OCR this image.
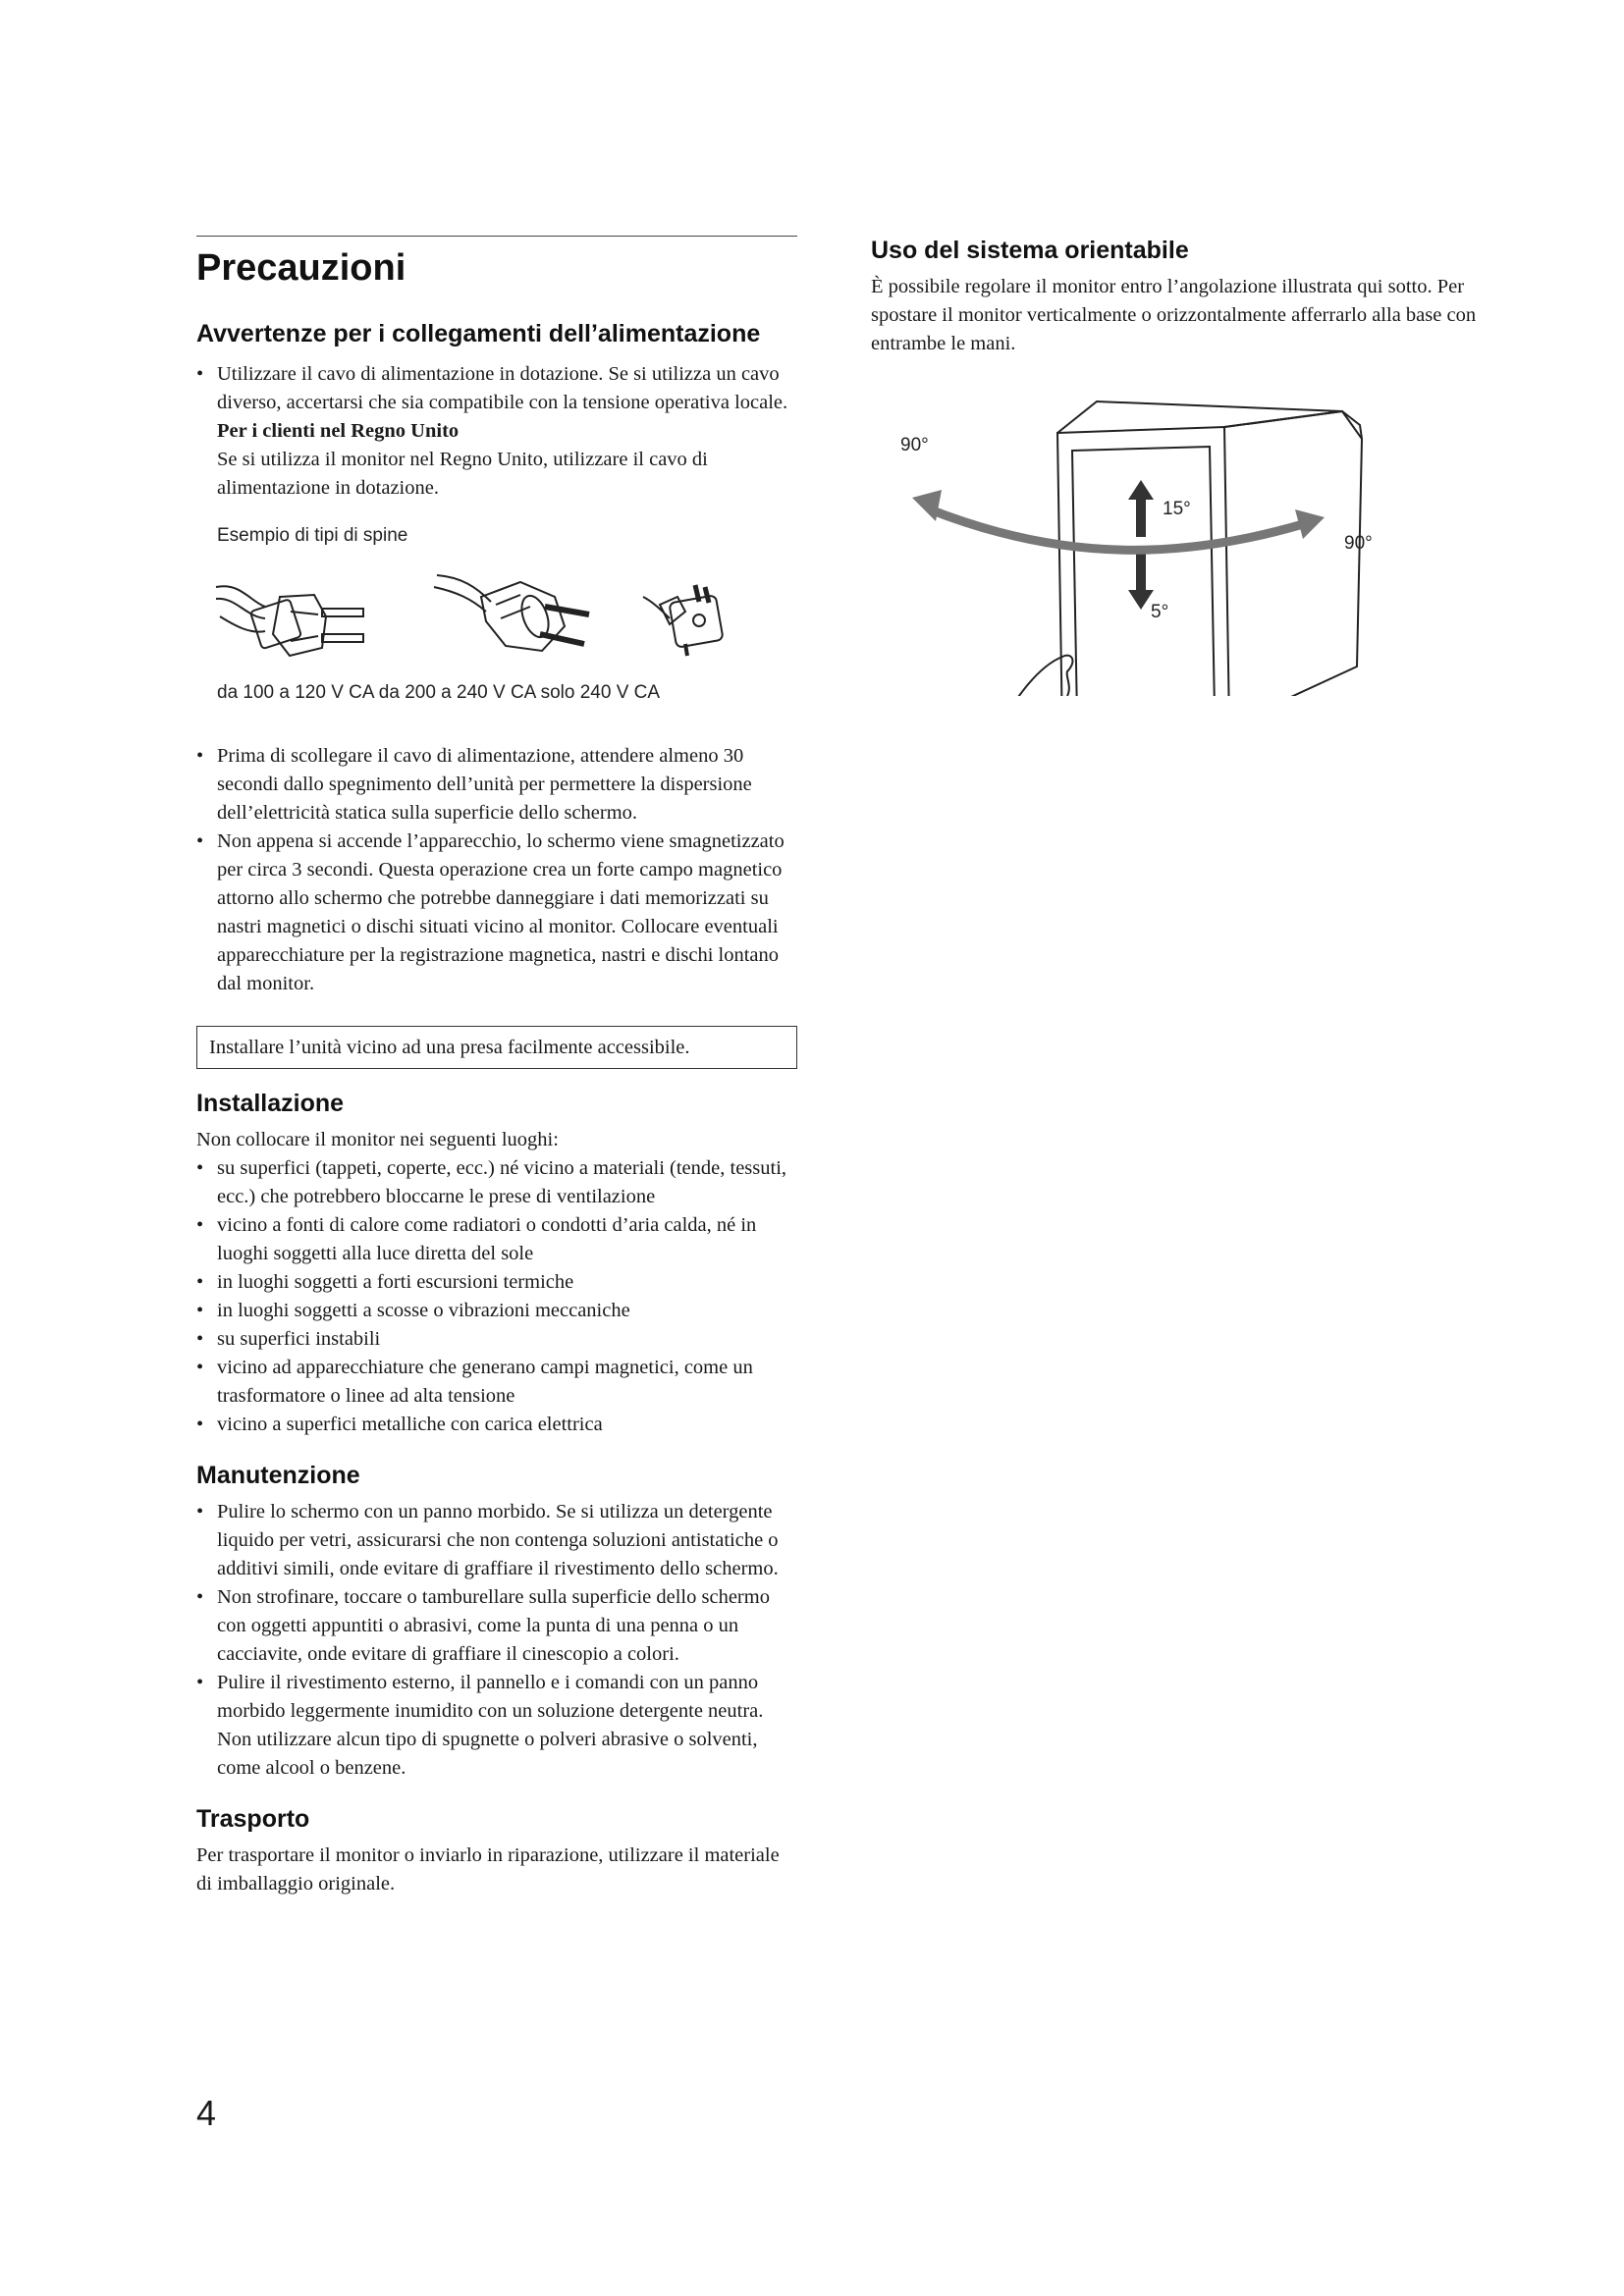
Precauzioni
Avvertenze per i collegamenti dell’alimentazione
• Utilizzare il cavo di alimentazione in dotazione. Se si utilizza un cavo diverso, accertarsi che sia compatibile con la tensione operativa locale.
Per i clienti nel Regno Unito
Se si utilizza il monitor nel Regno Unito, utilizzare il cavo di alimentazione in dotazione.
Esempio di tipi di spine
da 100 a 120 V CA da 200 a 240 V CA solo 240 V CA
• Prima di scollegare il cavo di alimentazione, attendere almeno 30 secondi dallo spegnimento dell’unità per permettere la dispersione dell’elettricità statica sulla superficie dello schermo.
• Non appena si accende l’apparecchio, lo schermo viene smagnetizzato per circa 3 secondi. Questa operazione crea un forte campo magnetico attorno allo schermo che potrebbe danneggiare i dati memorizzati su nastri magnetici o dischi situati vicino al monitor. Collocare eventuali apparecchiature per la registrazione magnetica, nastri e dischi lontano dal monitor.
Installare l’unità vicino ad una presa facilmente accessibile.
Installazione

Non collocare il monitor nei seguenti luoghi:

• su superfici (tappeti, coperte, ecc.) né vicino a materiali (tende, tessuti, ecc.) che potrebbero bloccarne le prese di ventilazione
• vicino a fonti di calore come radiatori o condotti d’aria calda, né in luoghi soggetti alla luce diretta del sole
• in luoghi soggetti a forti escursioni termiche
• in luoghi soggetti a scosse o vibrazioni meccaniche
• su superfici instabili
• vicino ad apparecchiature che generano campi magnetici, come un trasformatore o linee ad alta tensione
• vicino a superfici metalliche con carica elettrica
Manutenzione
• Pulire lo schermo con un panno morbido. Se si utilizza un detergente liquido per vetri, assicurarsi che non contenga soluzioni antistatiche o additivi simili, onde evitare di graffiare il rivestimento dello schermo.
• Non strofinare, toccare o tamburellare sulla superficie dello schermo con oggetti appuntiti o abrasivi, come la punta di una penna o un cacciavite, onde evitare di graffiare il cinescopio a colori.
• Pulire il rivestimento esterno, il pannello e i comandi con un panno morbido leggermente inumidito con un soluzione detergente neutra. Non utilizzare alcun tipo di spugnette o polveri abrasive o solventi, come alcool o benzene.
Trasporto

Per trasportare il monitor o inviarlo in riparazione, utilizzare il materiale di imballaggio originale.

Uso del sistema orientabile

È possibile regolare il monitor entro l’angolazione illustrata qui sotto. Per spostare il monitor verticalmente o orizzontalmente afferrarlo alla base con entrambe le mani.

90°
15°
5°
90°
4
